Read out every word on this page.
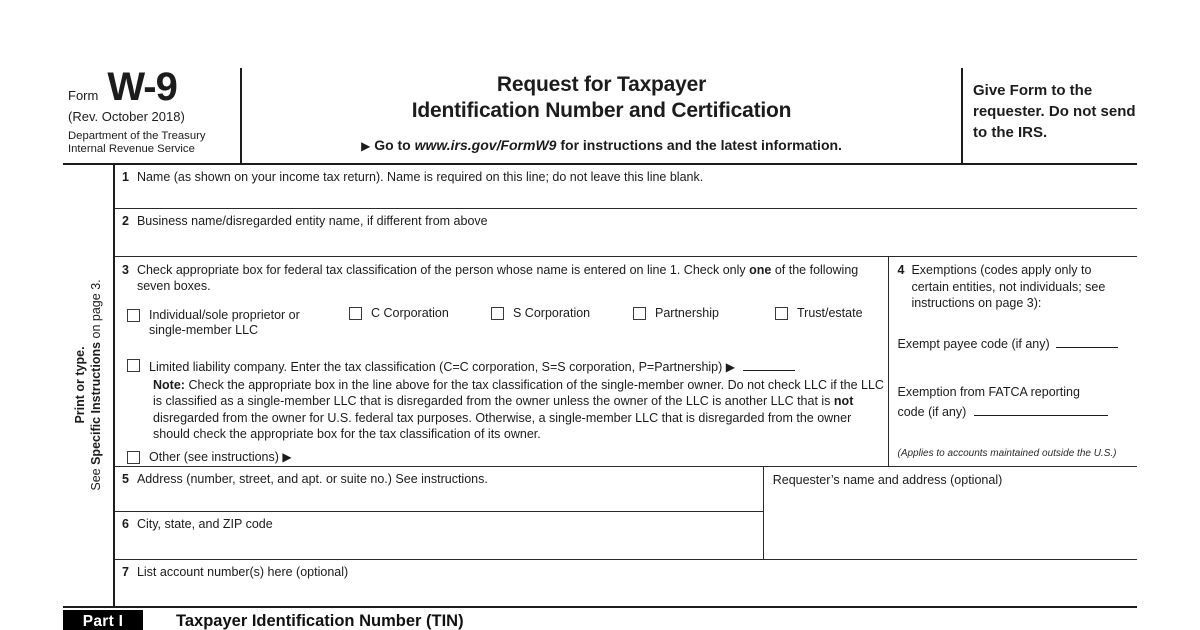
Form W-9
(Rev. October 2018)
Department of the Treasury
Internal Revenue Service
Request for Taxpayer
Identification Number and Certification
▶ Go to www.irs.gov/FormW9 for instructions and the latest information.
Give Form to the requester. Do not send to the IRS.
Print or type.
See Specific Instructions on page 3.
1 Name (as shown on your income tax return). Name is required on this line; do not leave this line blank.
2 Business name/disregarded entity name, if different from above
3 Check appropriate box for federal tax classification of the person whose name is entered on line 1. Check only one of the following seven boxes.
Individual/sole proprietor or single-member LLC
C Corporation	S Corporation	Partnership	Trust/estate
Limited liability company. Enter the tax classification (C=C corporation, S=S corporation, P=Partnership) ▶
Note: Check the appropriate box in the line above for the tax classification of the single-member owner. Do not check LLC if the LLC is classified as a single-member LLC that is disregarded from the owner unless the owner of the LLC is another LLC that is not disregarded from the owner for U.S. federal tax purposes. Otherwise, a single-member LLC that is disregarded from the owner should check the appropriate box for the tax classification of its owner.
Other (see instructions) ▶
4 Exemptions (codes apply only to certain entities, not individuals; see instructions on page 3):
Exempt payee code (if any)
Exemption from FATCA reporting
code (if any)
(Applies to accounts maintained outside the U.S.)
5 Address (number, street, and apt. or suite no.) See instructions.
6 City, state, and ZIP code
Requester’s name and address (optional)
7 List account number(s) here (optional)
Part I	Taxpayer Identification Number (TIN)
